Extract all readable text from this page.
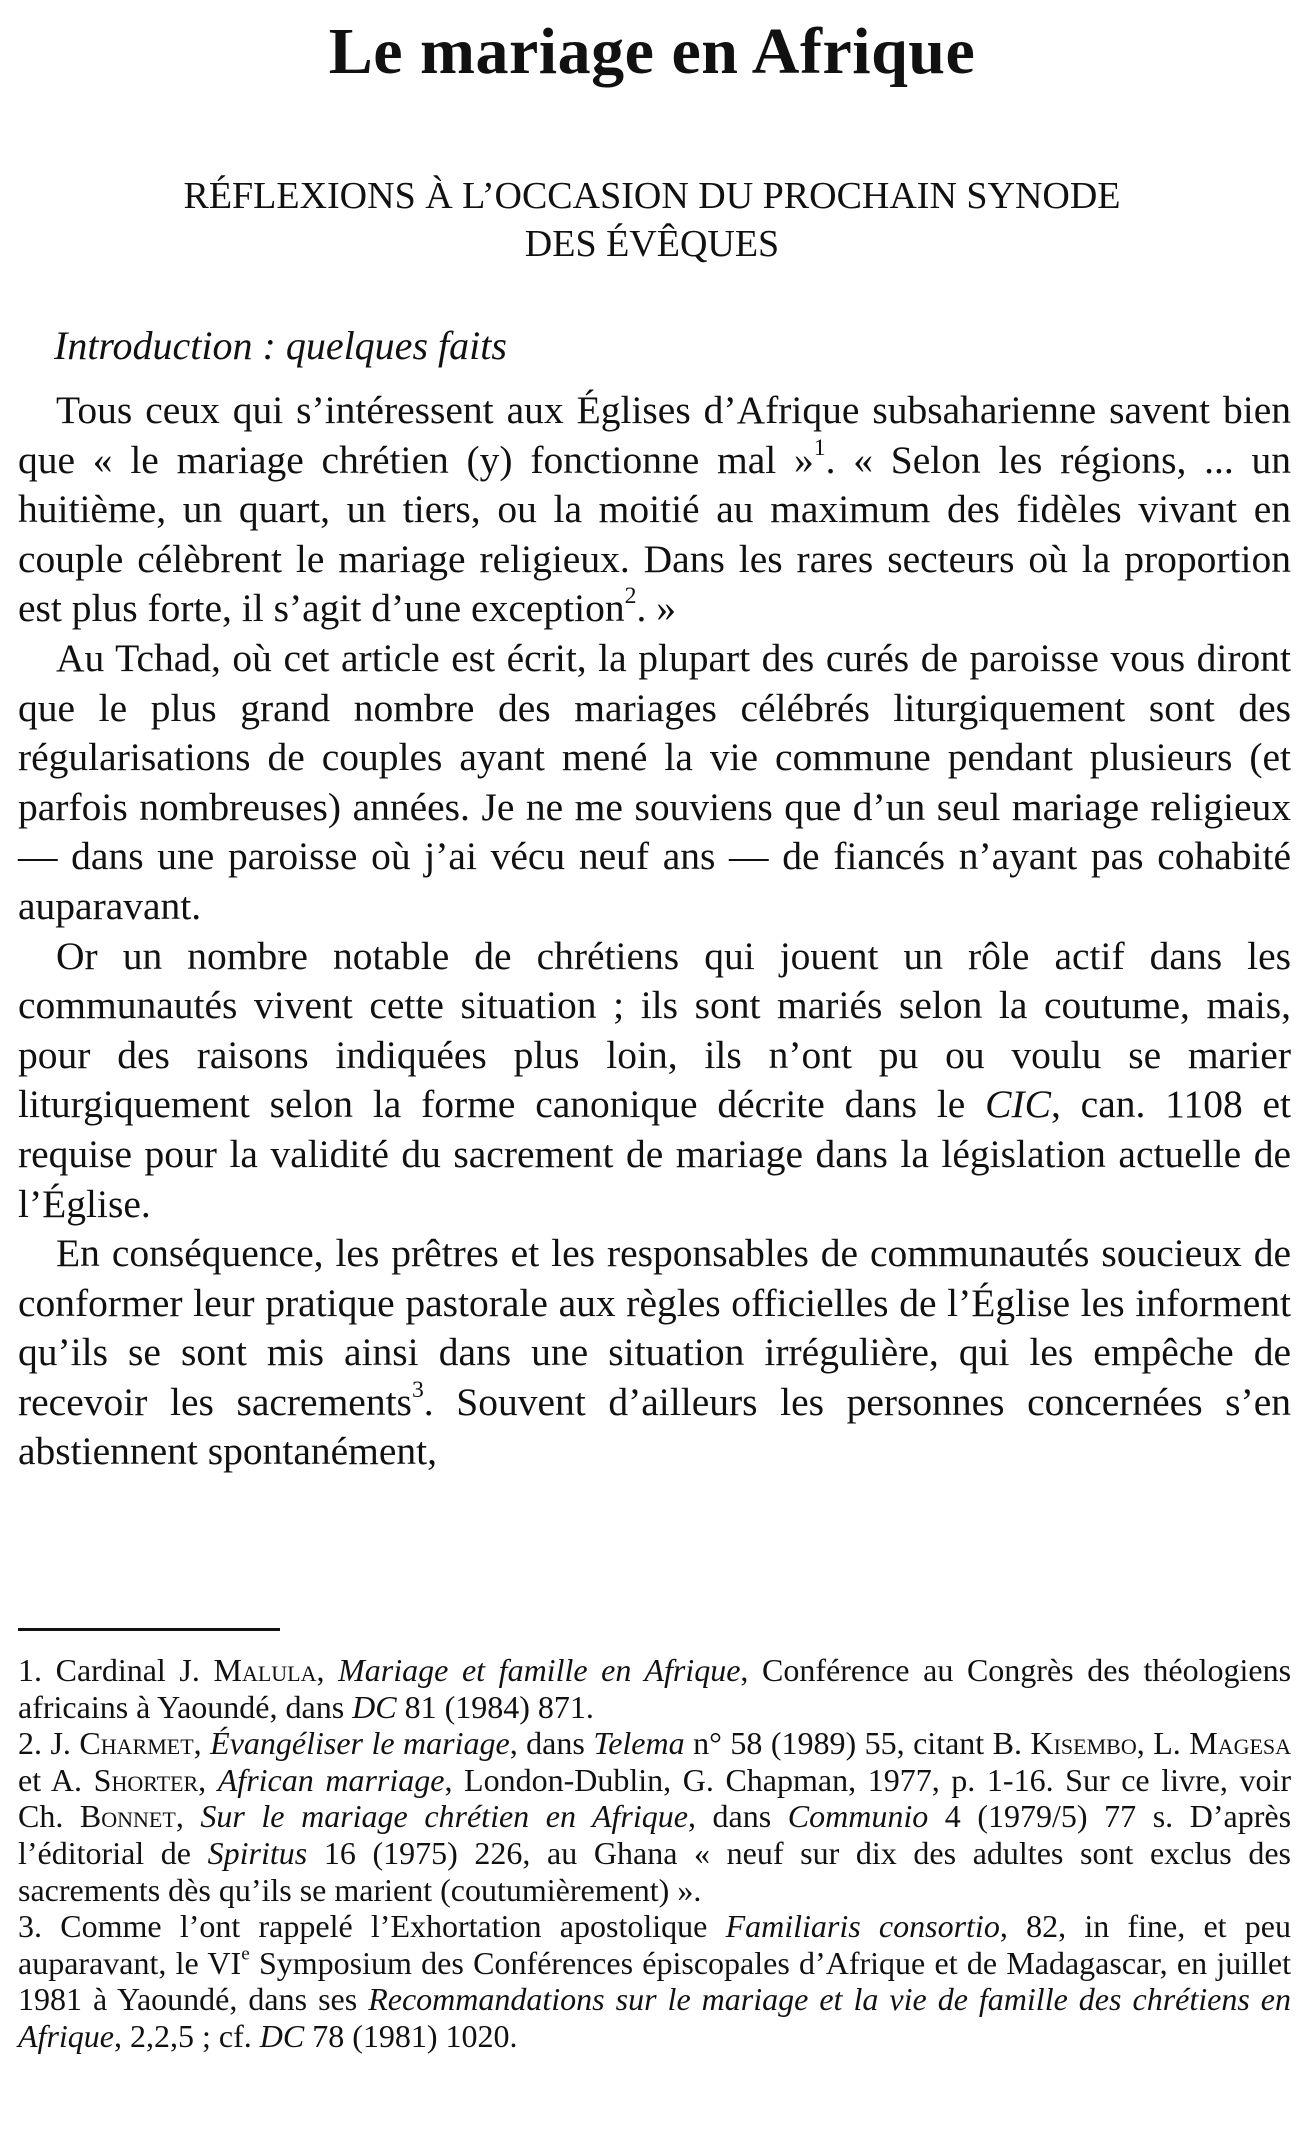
Le mariage en Afrique
RÉFLEXIONS À L’OCCASION DU PROCHAIN SYNODE
DES ÉVÊQUES
Introduction : quelques faits

Tous ceux qui s’intéressent aux Églises d’Afrique subsaharienne savent bien que « le mariage chrétien (y) fonctionne mal »$^1$. « Selon les régions, ... un huitième, un quart, un tiers, ou la moitié au maximum des fidèles vivant en couple célèbrent le mariage religieux. Dans les rares secteurs où la proportion est plus forte, il s’agit d’une exception$^2$. »

Au Tchad, où cet article est écrit, la plupart des curés de paroisse vous diront que le plus grand nombre des mariages célébrés liturgiquement sont des régularisations de couples ayant mené la vie commune pendant plusieurs (et parfois nombreuses) années. Je ne me souviens que d’un seul mariage religieux — dans une paroisse où j’ai vécu neuf ans — de fiancés n’ayant pas cohabité auparavant.

Or un nombre notable de chrétiens qui jouent un rôle actif dans les communautés vivent cette situation ; ils sont mariés selon la coutume, mais, pour des raisons indiquées plus loin, ils n’ont pu ou voulu se marier liturgiquement selon la forme canonique décrite dans le CIC, can. 1108 et requise pour la validité du sacrement de mariage dans la législation actuelle de l’Église.

En conséquence, les prêtres et les responsables de communautés soucieux de conformer leur pratique pastorale aux règles officielles de l’Église les informent qu’ils se sont mis ainsi dans une situation irrégulière, qui les empêche de recevoir les sacrements$^3$. Souvent d’ailleurs les personnes concernées s’en abstiennent spontanément,

1. Cardinal J. Malula, Mariage et famille en Afrique, Conférence au Congrès des théologiens africains à Yaoundé, dans DC 81 (1984) 871.

2. J. Charmet, Évangéliser le mariage, dans Telema n° 58 (1989) 55, citant B. Kisembo, L. Magesa et A. Shorter, African marriage, London-Dublin, G. Chapman, 1977, p. 1-16. Sur ce livre, voir Ch. Bonnet, Sur le mariage chrétien en Afrique, dans Communio 4 (1979/5) 77 s. D’après l’éditorial de Spiritus 16 (1975) 226, au Ghana « neuf sur dix des adultes sont exclus des sacrements dès qu’ils se marient (coutumièrement) ».

3. Comme l’ont rappelé l’Exhortation apostolique Familiaris consortio, 82, in fine, et peu auparavant, le VIe Symposium des Conférences épiscopales d’Afrique et de Madagascar, en juillet 1981 à Yaoundé, dans ses Recommandations sur le mariage et la vie de famille des chrétiens en Afrique, 2,2,5 ; cf. DC 78 (1981) 1020.
